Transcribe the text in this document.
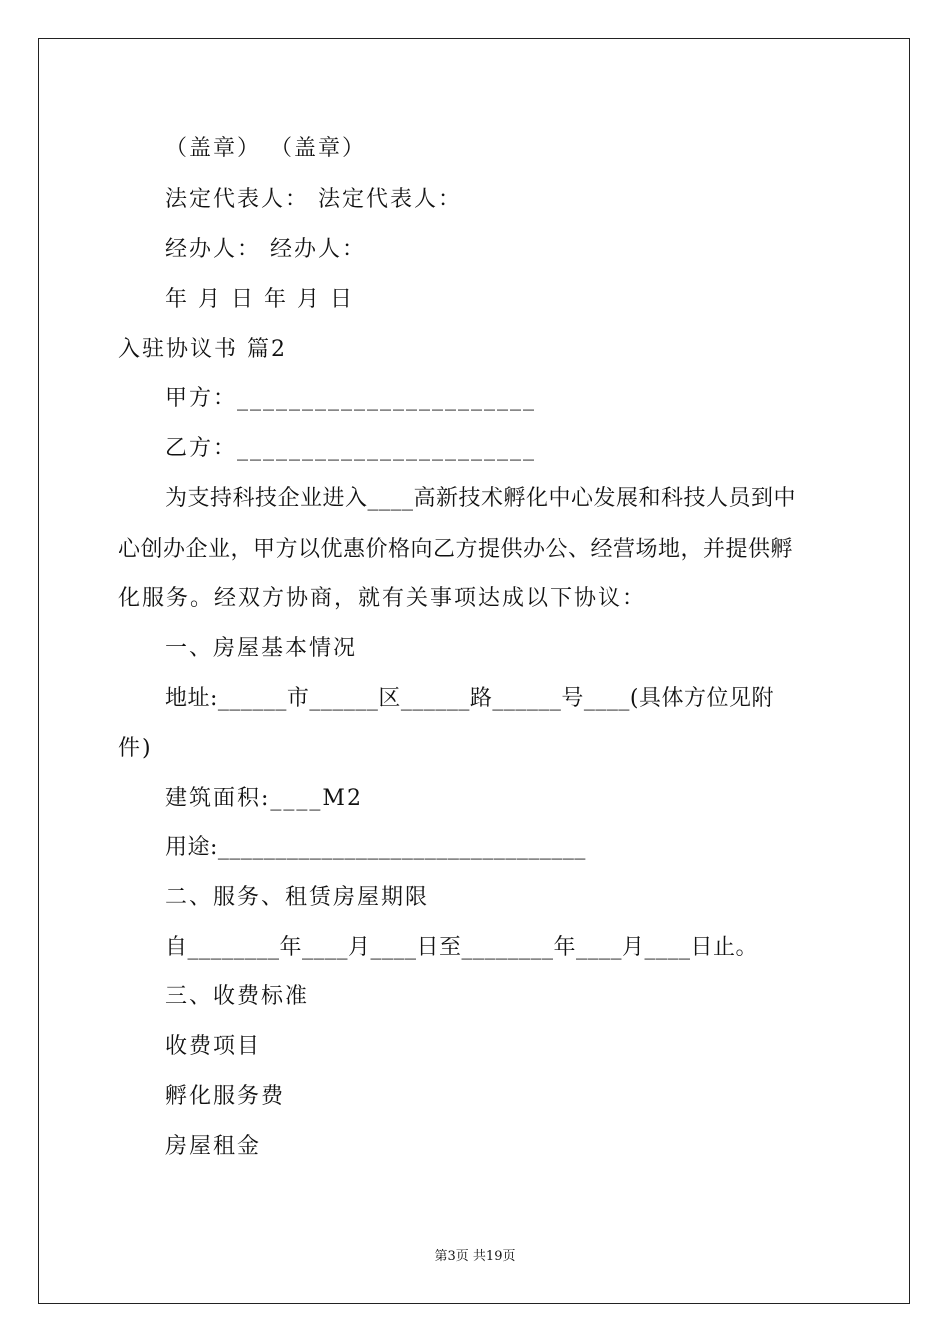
（盖章） （盖章）
法定代表人： 法定代表人：
经办人： 经办人：
年 月 日 年 月 日
入驻协议书 篇2
甲方：_______________________
乙方：_______________________
为支持科技企业进入____高新技术孵化中心发展和科技人员到中
心创办企业，甲方以优惠价格向乙方提供办公、经营场地，并提供孵
化服务。经双方协商，就有关事项达成以下协议：
一、房屋基本情况
地址:______市______区______路______号____(具体方位见附
件)
建筑面积:____M2
用途:________________________________
二、服务、租赁房屋期限
自________年____月____日至________年____月____日止。
三、收费标准
收费项目
孵化服务费
房屋租金
第3页 共19页
